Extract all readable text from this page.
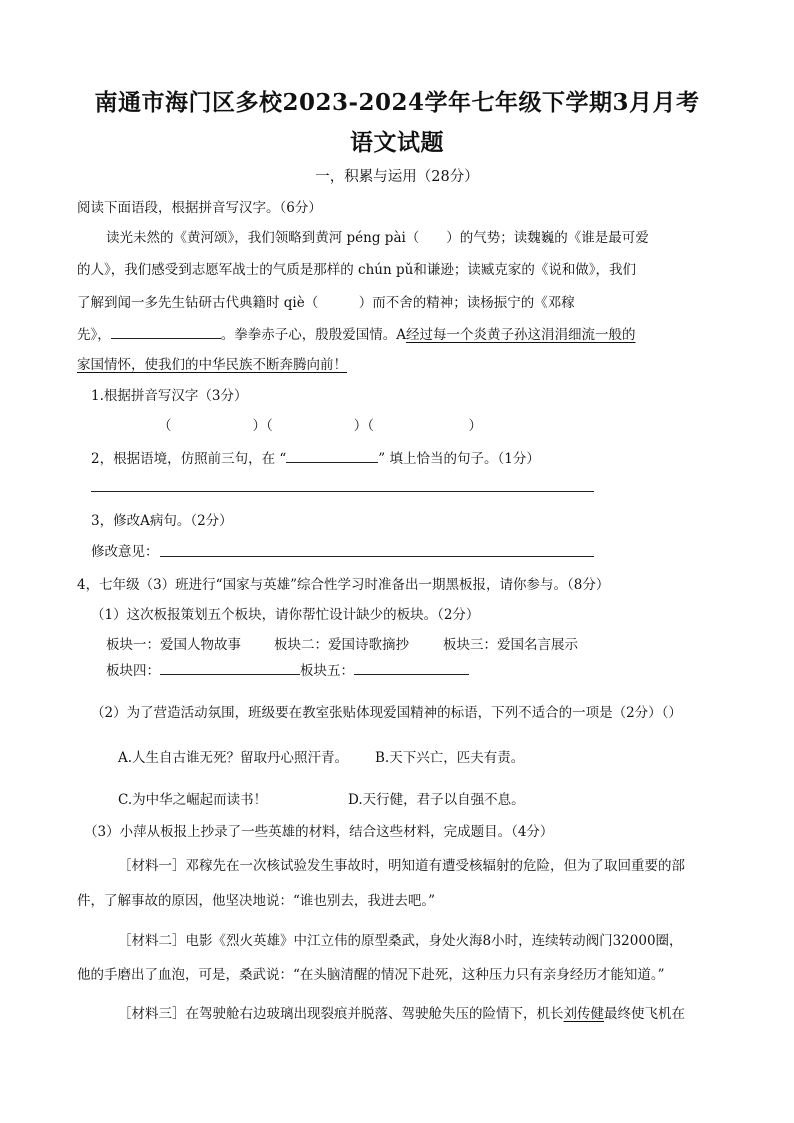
南通市海门区多校2023-2024学年七年级下学期3月月考
语文试题
一，积累与运用（28分）
阅读下面语段，根据拼音写汉字。（6分）
读光未然的《黄河颂》，我们领略到黄河 péng pài（　　）的气势；读魏巍的《谁是最可爱
的人》，我们感受到志愿军战士的气质是那样的 chún pǔ和谦逊；读臧克家的《说和做》，我们
了解到闻一多先生钻研古代典籍时 qiè（　　　）而不舍的精神；读杨振宁的《邓稼
先》，	。拳拳赤子心，殷殷爱国情。A经过每一个炎黄子孙这涓涓细流一般的
家国情怀，使我们的中华民族不断奔腾向前！
1.根据拼音写汉字（3分）
（　　　　　　）（　　　　　　）（　　　　　　　）
2，根据语境，仿照前三句，在 “	” 填上恰当的句子。（1分）
3，修改A病句。（2分）
修改意见：
4，七年级（3）班进行“国家与英雄”综合性学习时准备出一期黑板报，请你参与。（8分）
（1）这次板报策划五个板块，请你帮忙设计缺少的板块。（2分）
板块一：爱国人物故事 板块二：爱国诗歌摘抄	板块三：爱国名言展示
板块四：	板块五：
（2）为了营造活动氛围，班级要在教室张贴体现爱国精神的标语，下列不适合的一项是（2分）（）
A.人生自古谁无死？留取丹心照汗青。 B.天下兴亡，匹夫有责。
C.为中华之崛起而读书！	D.天行健，君子以自强不息。
（3）小萍从板报上抄录了一些英雄的材料，结合这些材料，完成题目。（4分）
［材料一］邓稼先在一次核试验发生事故时，明知道有遭受核辐射的危险，但为了取回重要的部
件，了解事故的原因，他坚决地说：“谁也别去，我进去吧。”
［材料二］电影《烈火英雄》中江立伟的原型桑武，身处火海8小时，连续转动阀门32000圈，
他的手磨出了血泡，可是，桑武说：“在头脑清醒的情况下赴死，这种压力只有亲身经历才能知道。”
［材料三］在驾驶舱右边玻璃出现裂痕并脱落、驾驶舱失压的险情下，机长刘传健最终使飞机在
